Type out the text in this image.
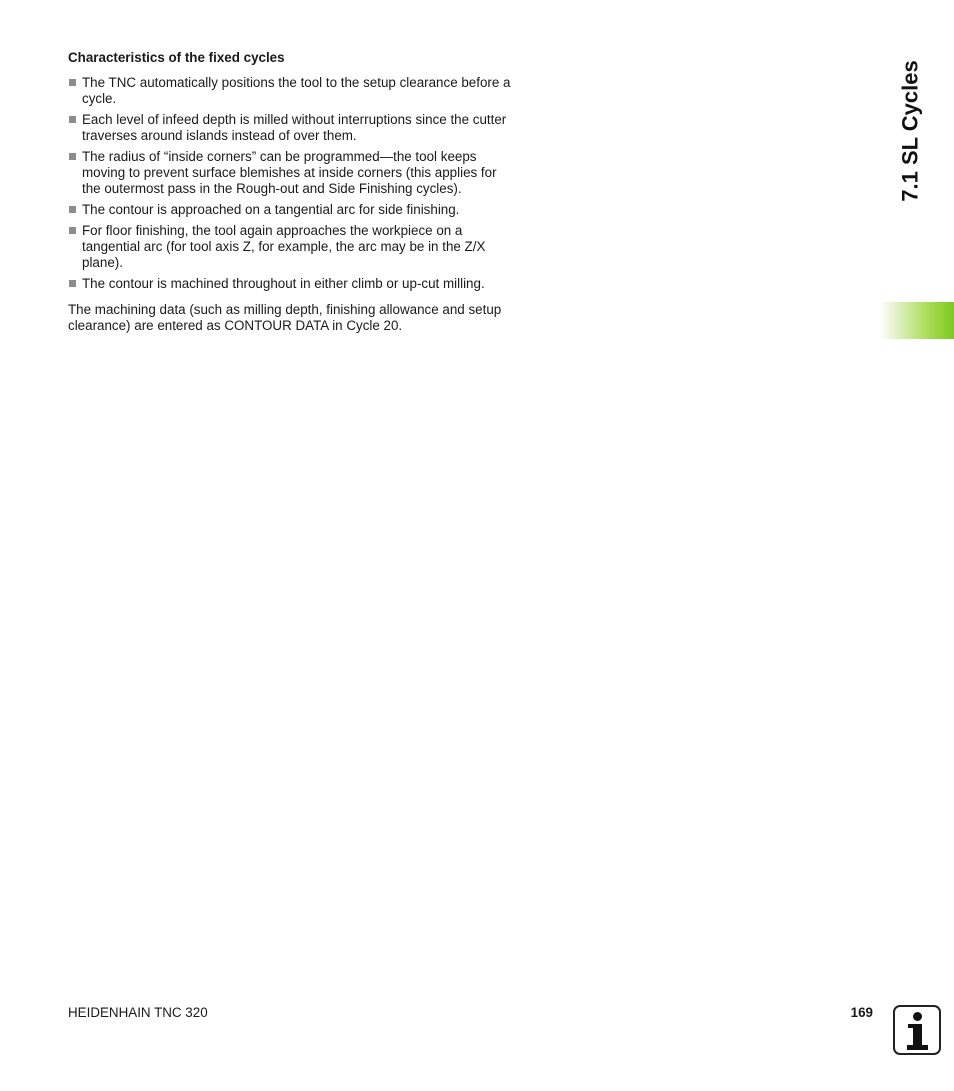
Characteristics of the fixed cycles
The TNC automatically positions the tool to the setup clearance before a cycle.
Each level of infeed depth is milled without interruptions since the cutter traverses around islands instead of over them.
The radius of “inside corners” can be programmed—the tool keeps moving to prevent surface blemishes at inside corners (this applies for the outermost pass in the Rough-out and Side Finishing cycles).
The contour is approached on a tangential arc for side finishing.
For floor finishing, the tool again approaches the workpiece on a tangential arc (for tool axis Z, for example, the arc may be in the Z/X plane).
The contour is machined throughout in either climb or up-cut milling.

The machining data (such as milling depth, finishing allowance and setup clearance) are entered as CONTOUR DATA in Cycle 20.

7.1 SL Cycles
HEIDENHAIN TNC 320	169
